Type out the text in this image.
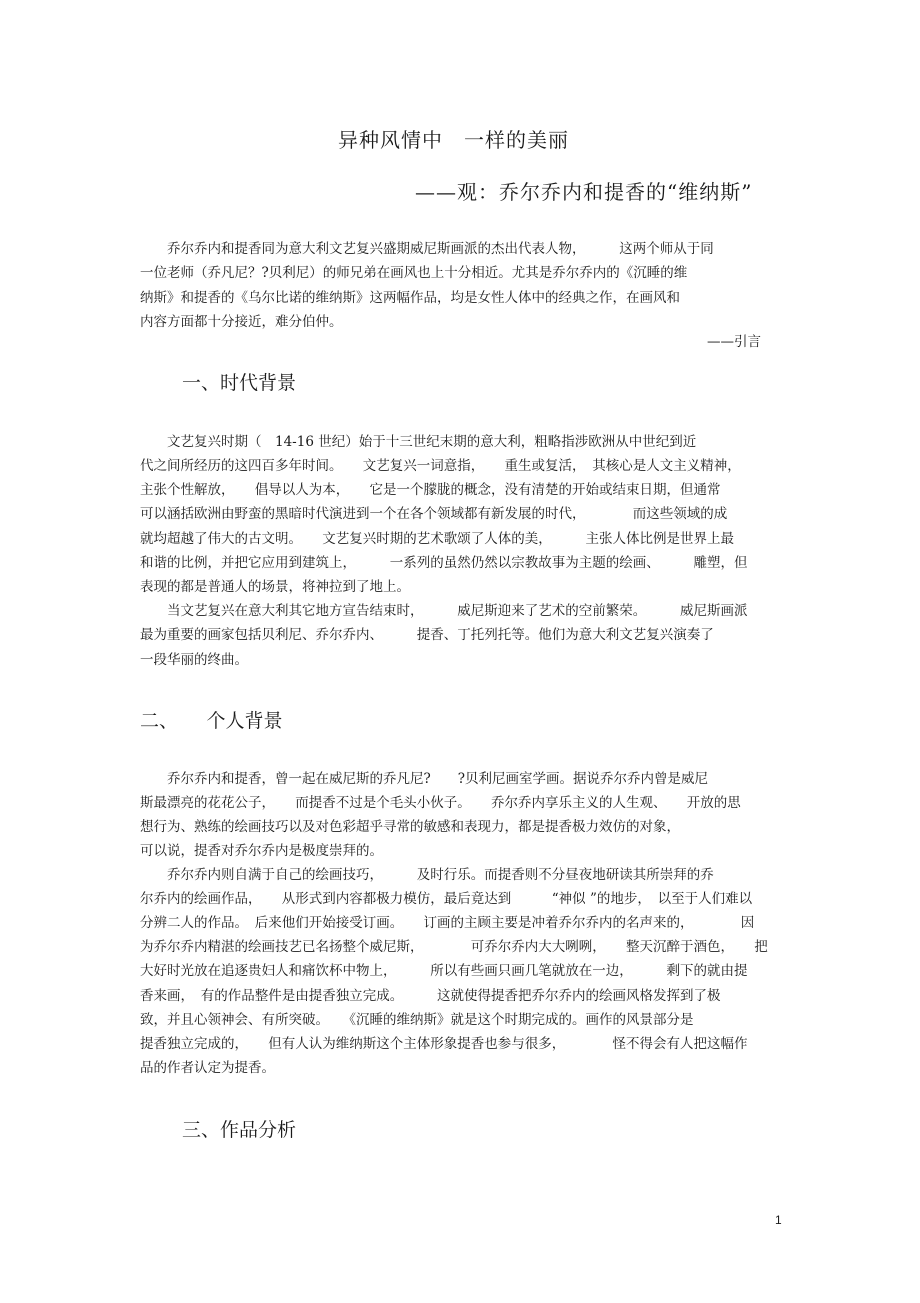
异种风情中　一样的美丽
——观：乔尔乔内和提香的“维纳斯”
　　乔尔乔内和提香同为意大利文艺复兴盛期威尼斯画派的杰出代表人物，　　　这两个师从于同
一位老师（乔凡尼？?贝利尼）的师兄弟在画风也上十分相近。尤其是乔尔乔内的《沉睡的维
纳斯》和提香的《乌尔比诺的维纳斯》这两幅作品，均是女性人体中的经典之作，在画风和
内容方面都十分接近，难分伯仲。
——引言
一、时代背景
　　文艺复兴时期（　14-16 世纪）始于十三世纪末期的意大利，粗略指涉欧洲从中世纪到近
代之间所经历的这四百多年时间。　　文艺复兴一词意指，　　重生或复活，　其核心是人文主义精神，
主张个性解放，　　倡导以人为本，　　它是一个朦胧的概念，没有清楚的开始或结束日期，但通常
可以涵括欧洲由野蛮的黑暗时代演进到一个在各个领域都有新发展的时代，　　　　而这些领域的成
就均超越了伟大的古文明。　　文艺复兴时期的艺术歌颂了人体的美，　　　主张人体比例是世界上最
和谐的比例，并把它应用到建筑上，　　　一系列的虽然仍然以宗教故事为主题的绘画、　　　雕塑，但
表现的都是普通人的场景，将神拉到了地上。
　　当文艺复兴在意大利其它地方宣告结束时，　　　威尼斯迎来了艺术的空前繁荣。　　　威尼斯画派
最为重要的画家包括贝利尼、乔尔乔内、　　　提香、丁托列托等。他们为意大利文艺复兴演奏了
一段华丽的终曲。
二、　　个人背景
　　乔尔乔内和提香，曾一起在威尼斯的乔凡尼?　　?贝利尼画室学画。据说乔尔乔内曾是威尼
斯最漂亮的花花公子，　　而提香不过是个毛头小伙子。　　乔尔乔内享乐主义的人生观、　　开放的思
想行为、熟练的绘画技巧以及对色彩超乎寻常的敏感和表现力，都是提香极力效仿的对象，
可以说，提香对乔尔乔内是极度崇拜的。
　　乔尔乔内则自满于自己的绘画技巧，　　　及时行乐。而提香则不分昼夜地研读其所崇拜的乔
尔乔内的绘画作品，　　从形式到内容都极力模仿，最后竟达到　　　“神似 ”的地步，　以至于人们难以
分辨二人的作品。　后来他们开始接受订画。　　订画的主顾主要是冲着乔尔乔内的名声来的，　　　　因
为乔尔乔内精湛的绘画技艺已名扬整个威尼斯，　　　　可乔尔乔内大大咧咧，　　整天沉醉于酒色，　　把
大好时光放在追逐贵妇人和痛饮杯中物上，　　　所以有些画只画几笔就放在一边，　　　剩下的就由提
香来画，　有的作品整件是由提香独立完成。　　　这就使得提香把乔尔乔内的绘画风格发挥到了极
致，并且心领神会、有所突破。　　《沉睡的维纳斯》就是这个时期完成的。画作的风景部分是
提香独立完成的，　　但有人认为维纳斯这个主体形象提香也参与很多，　　　　怪不得会有人把这幅作
品的作者认定为提香。
三、作品分析
1
